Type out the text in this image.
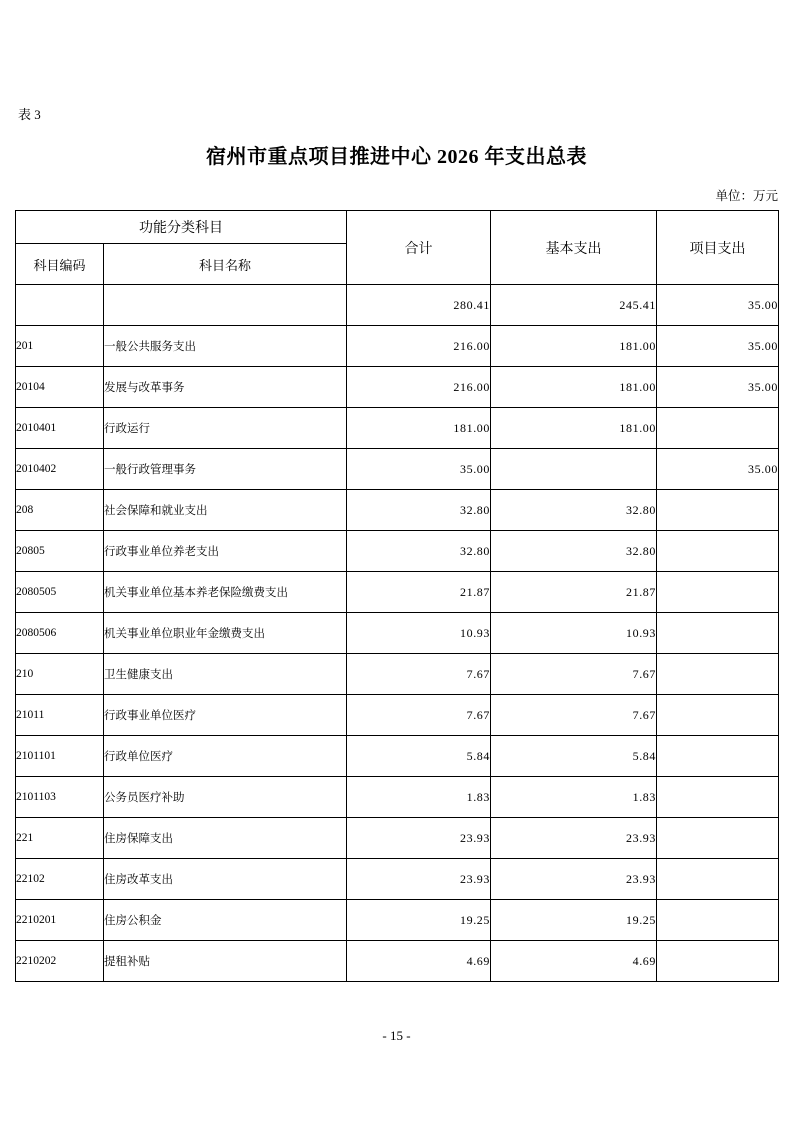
表 3
宿州市重点项目推进中心 2026 年支出总表
单位：万元
功能分类科目		合计	基本支出	项目支出
科目编码	科目名称			
		280.41	245.41	35.00
201	一般公共服务支出	216.00	181.00	35.00
20104	发展与改革事务	216.00	181.00	35.00
2010401	行政运行	181.00	181.00	
2010402	一般行政管理事务	35.00		35.00
208	社会保障和就业支出	32.80	32.80	
20805	行政事业单位养老支出	32.80	32.80	
2080505	机关事业单位基本养老保险缴费支出	21.87	21.87	
2080506	机关事业单位职业年金缴费支出	10.93	10.93	
210	卫生健康支出	7.67	7.67	
21011	行政事业单位医疗	7.67	7.67	
2101101	行政单位医疗	5.84	5.84	
2101103	公务员医疗补助	1.83	1.83	
221	住房保障支出	23.93	23.93	
22102	住房改革支出	23.93	23.93	
2210201	住房公积金	19.25	19.25	
2210202	提租补贴	4.69	4.69	
- 15 -
